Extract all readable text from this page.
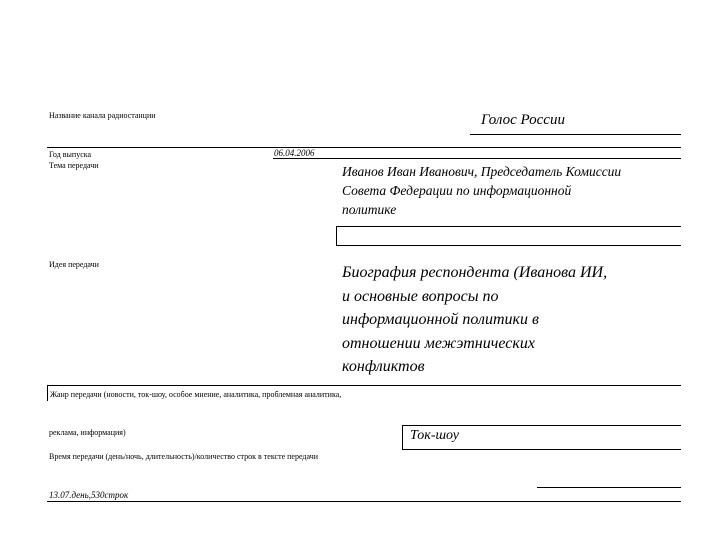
Название канала радиостанции	Голос России
Год выпуска	06.04.2006
Тема передачи	Иванов Иван Иванович, Председатель Комиссии
Совета Федерации по информационной
политике
Идея передачи	Биография респондента (Иванова ИИ,
и основные вопросы по
информационной политики в
отношении межэтнических
конфликтов
Жанр передачи (новости, ток-шоу, особое мнение, аналитика, проблемная аналитика,
реклама, информация)	Ток-шоу
Время передачи (день/ночь, длительность)/количество строк в тексте передачи
13.07.день,530строк
